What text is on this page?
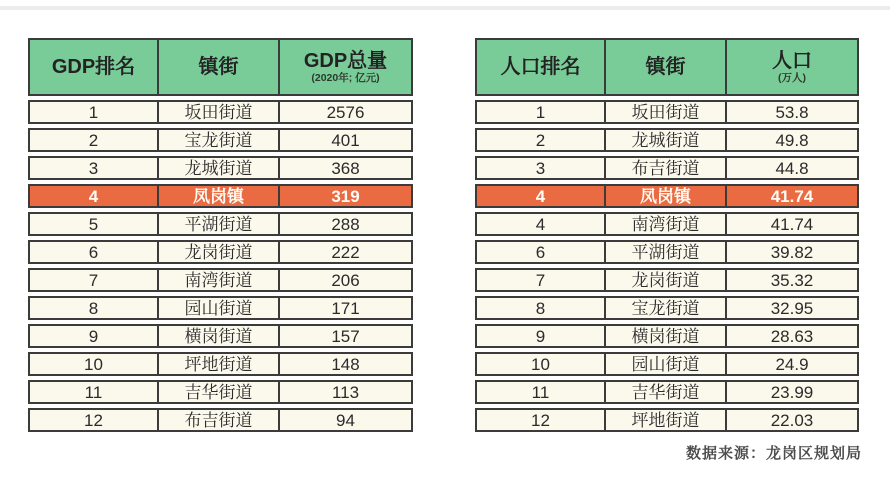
GDP排名	镇街	GDP总量
(2020年; 亿元)
1	坂田街道	2576
2	宝龙街道	401
3	龙城街道	368
4	凤岗镇	319
5	平湖街道	288
6	龙岗街道	222
7	南湾街道	206
8	园山街道	171
9	横岗街道	157
10	坪地街道	148
11	吉华街道	113
12	布吉街道	94
人口排名	镇街	人口
(万人)
1	坂田街道	53.8
2	龙城街道	49.8
3	布吉街道	44.8
4	凤岗镇	41.74
4	南湾街道	41.74
6	平湖街道	39.82
7	龙岗街道	35.32
8	宝龙街道	32.95
9	横岗街道	28.63
10	园山街道	24.9
11	吉华街道	23.99
12	坪地街道	22.03
数据来源：龙岗区规划局
